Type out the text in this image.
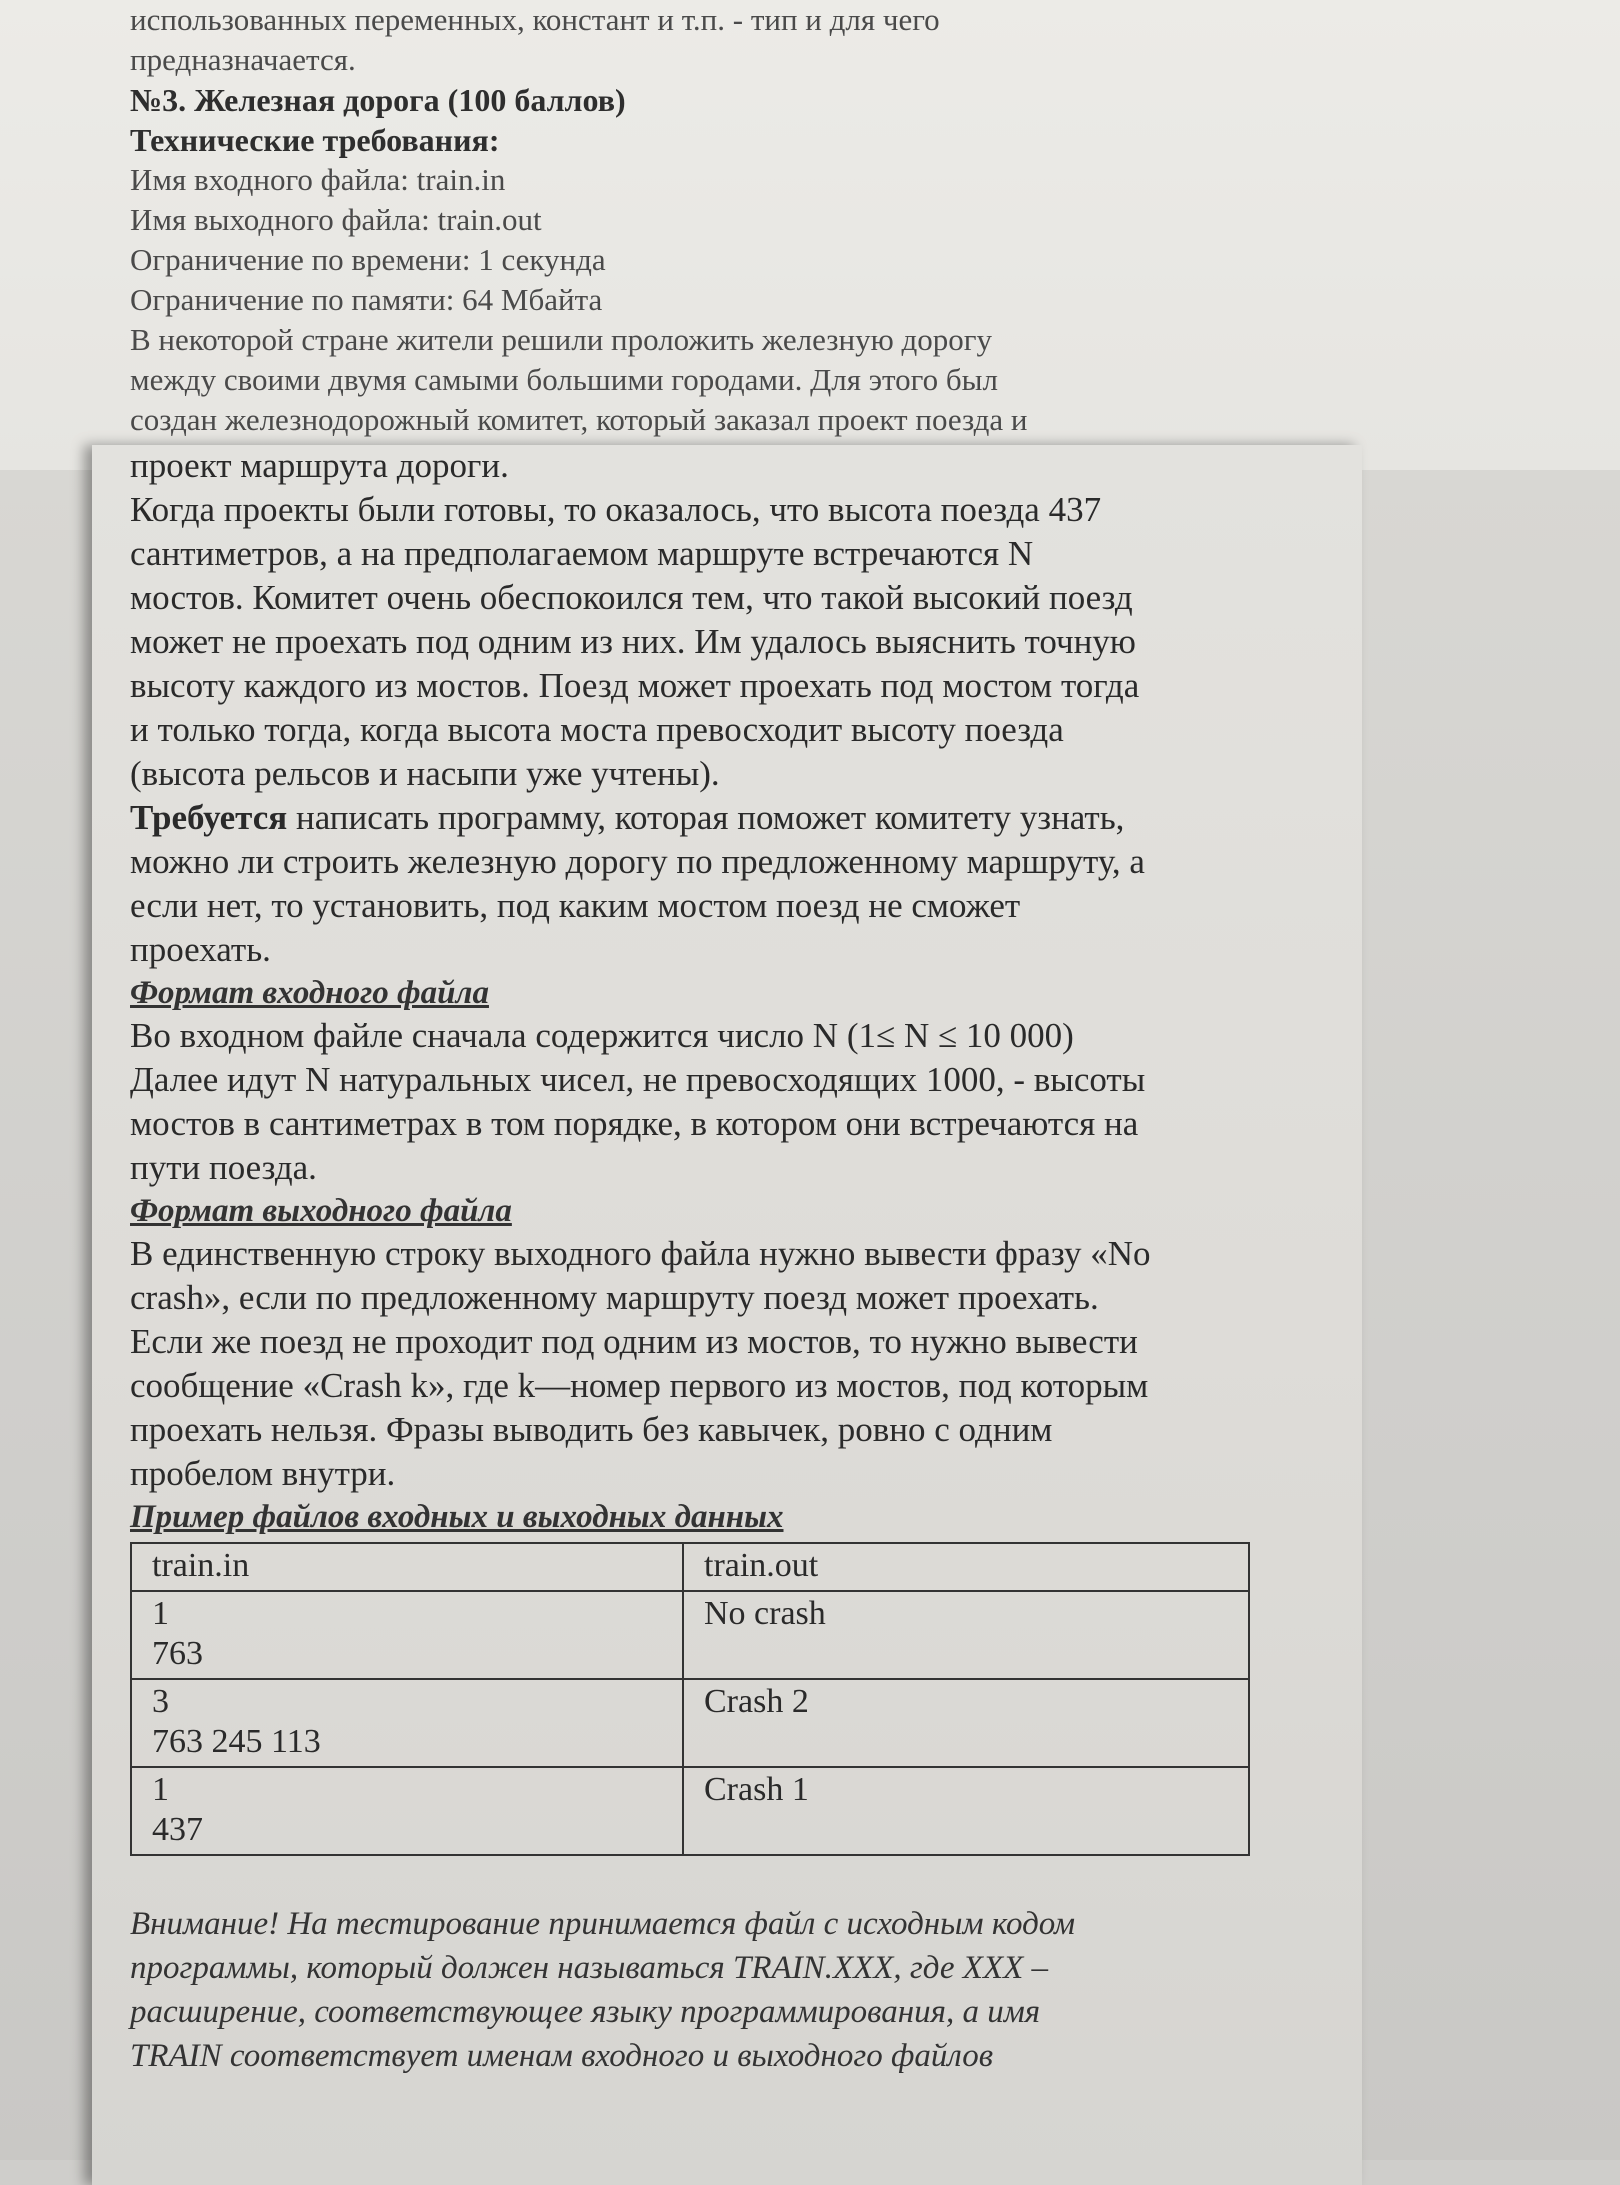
использованных переменных, констант и т.п. - тип и для чего

предназначается.

№3. Железная дорога (100 баллов)

Технические требования:

Имя входного файла: train.in

Имя выходного файла: train.out

Ограничение по времени: 1 секунда

Ограничение по памяти: 64 Мбайта

В некоторой стране жители решили проложить железную дорогу

между своими двумя самыми большими городами. Для этого был

создан железнодорожный комитет, который заказал проект поезда и

проект маршрута дороги.

Когда проекты были готовы, то оказалось, что высота поезда 437

сантиметров, а на предполагаемом маршруте встречаются N

мостов. Комитет очень обеспокоился тем, что такой высокий поезд

может не проехать под одним из них. Им удалось выяснить точную

высоту каждого из мостов. Поезд может проехать под мостом тогда

и только тогда, когда высота моста превосходит высоту поезда

(высота рельсов и насыпи уже учтены).

Требуется написать программу, которая поможет комитету узнать,

можно ли строить железную дорогу по предложенному маршруту, а

если нет, то установить, под каким мостом поезд не сможет

проехать.

Формат входного файла

Во входном файле сначала содержится число N (1≤ N ≤ 10 000)

Далее идут N натуральных чисел, не превосходящих 1000, - высоты

мостов в сантиметрах в том порядке, в котором они встречаются на

пути поезда.

Формат выходного файла

В единственную строку выходного файла нужно вывести фразу «No

crash», если по предложенному маршруту поезд может проехать.

Если же поезд не проходит под одним из мостов, то нужно вывести

сообщение «Crash k», где k—номер первого из мостов, под которым

проехать нельзя. Фразы выводить без кавычек, ровно с одним

пробелом внутри.

Пример файлов входных и выходных данных

train.in	train.out

1
763	No crash

3
763 245 113	Crash 2

1
437	Crash 1

Внимание! На тестирование принимается файл с исходным кодом

программы, который должен называться TRAIN.XXX, где XXX –

расширение, соответствующее языку программирования, а имя

TRAIN соответствует именам входного и выходного файлов
